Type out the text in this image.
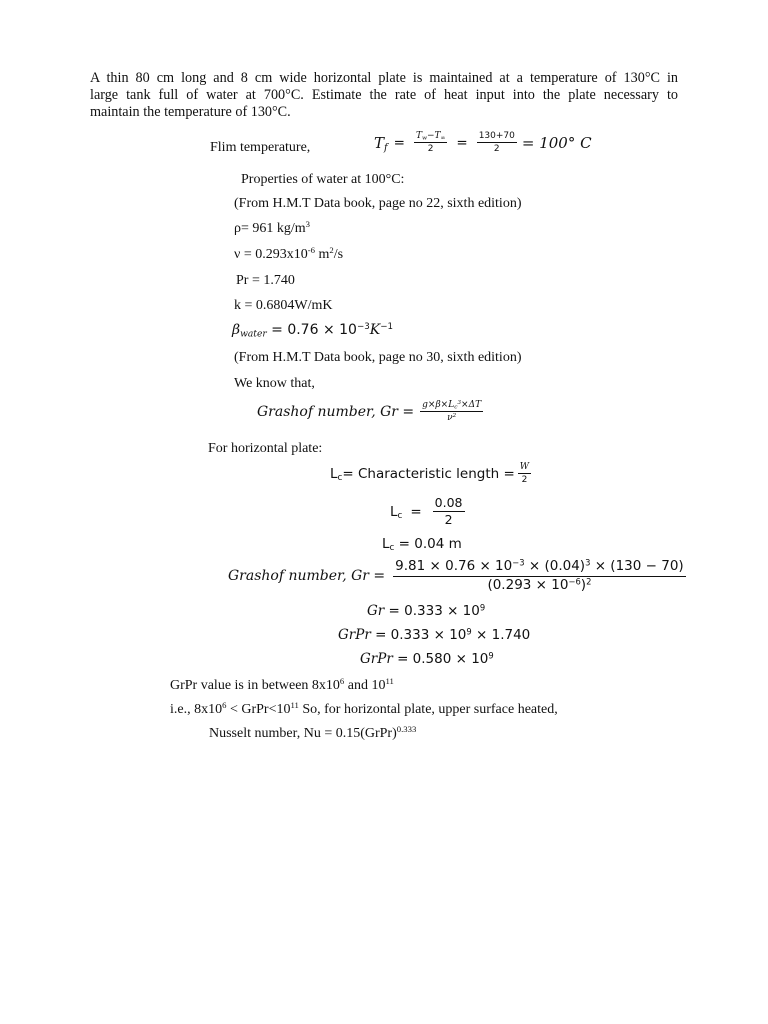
A thin 80 cm long and 8 cm wide horizontal plate is maintained at a temperature of 130°C in
large tank full of water at 700°C. Estimate the rate of heat input into the plate necessary to
maintain the temperature of 130°C.
Flim temperature,	$T_f = \frac{T_w-T_\infty}{2} = \frac{130+70}{2} = 100^\circ$ C
Properties of water at 100°C:
(From H.M.T Data book, page no 22, sixth edition)
ρ= 961 $kg/m^3$
$\nu = 0.293x10^{-6}$ $m^2/s$
Pr = 1.740
k = 0.6804W/mK
$\beta_{water} = 0.76 \times 10^{-3}K^{-1}$
(From H.M.T Data book, page no 30, sixth edition)
We know that,
Grashof number, $Gr = \frac{g\times\beta\times L_c^3\times\Delta T}{\nu^2}$
For horizontal plate:
$L_c$ = Characteristic length = $\frac{W}{2}$
$L_c = \frac{0.08}{2}$
$L_c = 0.04$ m
Grashof number, $Gr = \frac{9.81 \times 0.76 \times 10^{-3} \times (0.04)^3 \times (130 - 70)}{(0.293 \times 10^{-6})^2}$
$Gr = 0.333 \times 10^9$
GrPr = $0.333 \times 10^9 \times 1.740$
GrPr = $0.580 \times 10^9$
GrPr value is in between $8x10^6$ and $10^{11}$
i.e., $8x10^6$ < $GrPr<10^{11}$ So, for horizontal plate, upper surface heated,
Nusselt number, Nu = 0.15(GrPr)$^{0.333}$
